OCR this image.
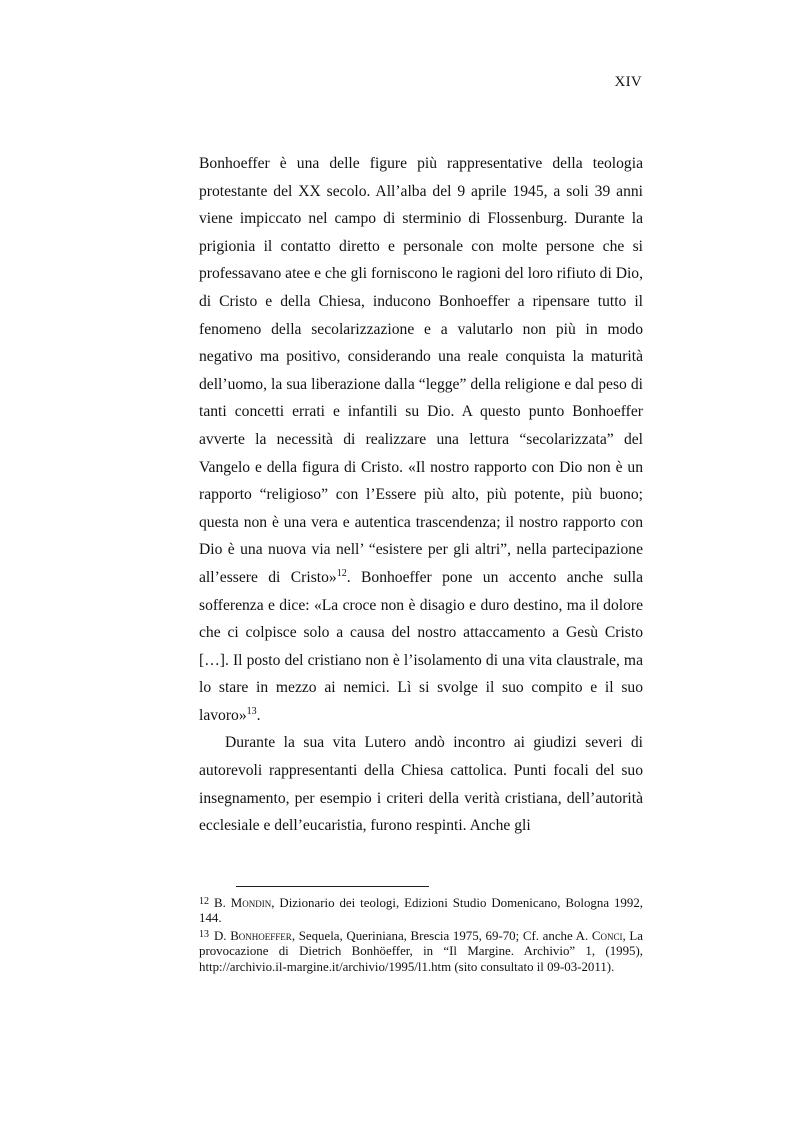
XIV

Bonhoeffer è una delle figure più rappresentative della teologia protestante del XX secolo. All’alba del 9 aprile 1945, a soli 39 anni viene impiccato nel campo di sterminio di Flossenburg. Durante la prigionia il contatto diretto e personale con molte persone che si professavano atee e che gli forniscono le ragioni del loro rifiuto di Dio, di Cristo e della Chiesa, inducono Bonhoeffer a ripensare tutto il fenomeno della secolarizzazione e a valutarlo non più in modo negativo ma positivo, considerando una reale conquista la maturità dell’uomo, la sua liberazione dalla “legge” della religione e dal peso di tanti concetti errati e infantili su Dio. A questo punto Bonhoeffer avverte la necessità di realizzare una lettura “secolarizzata” del Vangelo e della figura di Cristo. «Il nostro rapporto con Dio non è un rapporto “religioso” con l’Essere più alto, più potente, più buono; questa non è una vera e autentica trascendenza; il nostro rapporto con Dio è una nuova via nell’ “esistere per gli altri”, nella partecipazione all’essere di Cristo»$^{12}$. Bonhoeffer pone un accento anche sulla sofferenza e dice: «La croce non è disagio e duro destino, ma il dolore che ci colpisce solo a causa del nostro attaccamento a Gesù Cristo […]. Il posto del cristiano non è l’isolamento di una vita claustrale, ma lo stare in mezzo ai nemici. Lì si svolge il suo compito e il suo lavoro»$^{13}$.

Durante la sua vita Lutero andò incontro ai giudizi severi di autorevoli rappresentanti della Chiesa cattolica. Punti focali del suo insegnamento, per esempio i criteri della verità cristiana, dell’autorità ecclesiale e dell’eucaristia, furono respinti. Anche gli

$^{12}$ B. Mondin, Dizionario dei teologi, Edizioni Studio Domenicano, Bologna 1992, 144.

$^{13}$ D. Bonhoeffer, Sequela, Queriniana, Brescia 1975, 69-70; Cf. anche A. Conci, La provocazione di Dietrich Bonhöeffer, in “Il Margine. Archivio” 1, (1995), http://archivio.il-margine.it/archivio/1995/l1.htm (sito consultato il 09-03-2011).
